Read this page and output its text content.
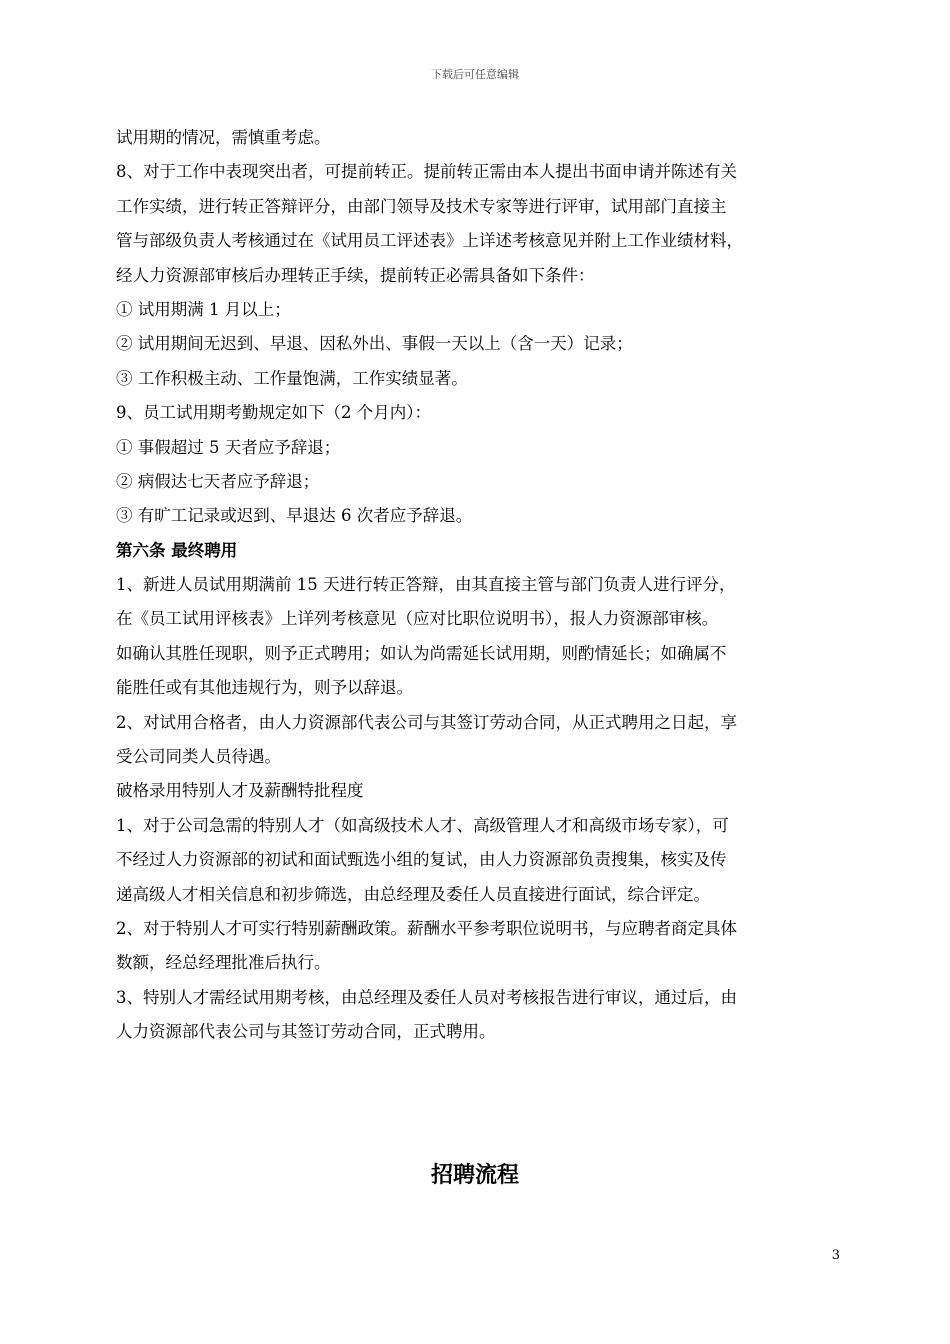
下载后可任意编辑
试用期的情况，需慎重考虑。
8、对于工作中表现突出者，可提前转正。提前转正需由本人提出书面申请并陈述有关
工作实绩，进行转正答辩评分，由部门领导及技术专家等进行评审，试用部门直接主
管与部级负责人考核通过在《试用员工评述表》上详述考核意见并附上工作业绩材料，
经人力资源部审核后办理转正手续，提前转正必需具备如下条件：
① 试用期满 1 月以上；
② 试用期间无迟到、早退、因私外出、事假一天以上（含一天）记录；
③ 工作积极主动、工作量饱满，工作实绩显著。
9、员工试用期考勤规定如下（2 个月内）：
① 事假超过 5 天者应予辞退；
② 病假达七天者应予辞退；
③ 有旷工记录或迟到、早退达 6 次者应予辞退。
第六条 最终聘用
1、新进人员试用期满前 15 天进行转正答辩，由其直接主管与部门负责人进行评分，
在《员工试用评核表》上详列考核意见（应对比职位说明书），报人力资源部审核。
如确认其胜任现职，则予正式聘用；如认为尚需延长试用期，则酌情延长；如确属不
能胜任或有其他违规行为，则予以辞退。
2、对试用合格者，由人力资源部代表公司与其签订劳动合同，从正式聘用之日起，享
受公司同类人员待遇。
破格录用特别人才及薪酬特批程度
1、对于公司急需的特别人才（如高级技术人才、高级管理人才和高级市场专家），可
不经过人力资源部的初试和面试甄选小组的复试，由人力资源部负责搜集，核实及传
递高级人才相关信息和初步筛选，由总经理及委任人员直接进行面试，综合评定。
2、对于特别人才可实行特别薪酬政策。薪酬水平参考职位说明书，与应聘者商定具体
数额，经总经理批准后执行。
3、特别人才需经试用期考核，由总经理及委任人员对考核报告进行审议，通过后，由
人力资源部代表公司与其签订劳动合同，正式聘用。
招聘流程
3
